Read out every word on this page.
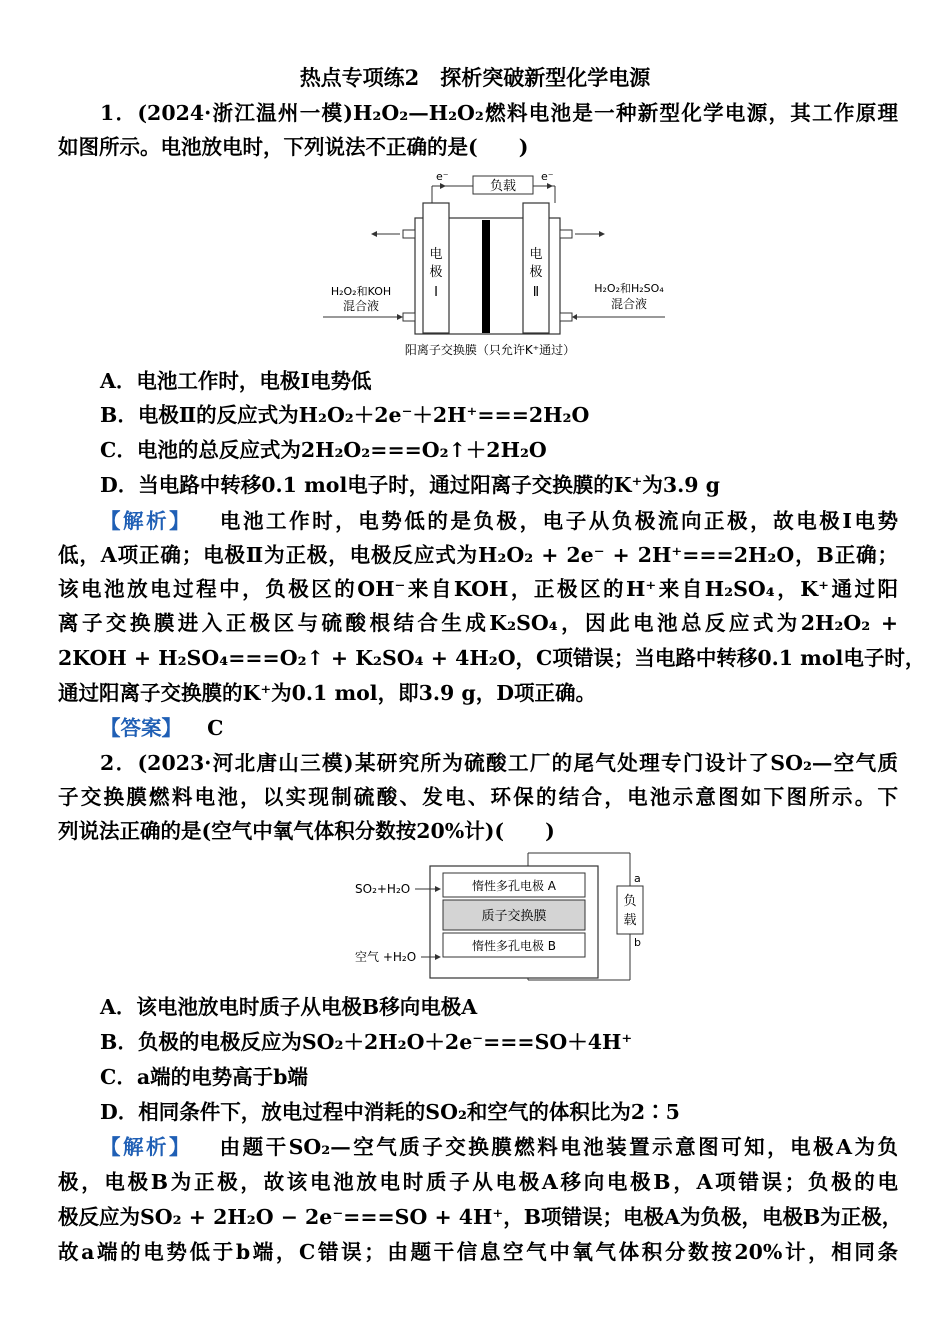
热点专项练2　探析突破新型化学电源
1．(2024·浙江温州一模)H₂O₂—H₂O₂燃料电池是一种新型化学电源，其工作原理
如图所示。电池放电时，下列说法不正确的是(　　)
e⁻	e⁻
负载
电
极
Ⅰ
电
极
Ⅱ
H₂O₂和KOH
混合液
H₂O₂和H₂SO₄
混合液
阳离子交换膜（只允许K⁺通过）
A．电池工作时，电极Ⅰ电势低
B．电极Ⅱ的反应式为H₂O₂＋2e⁻＋2H⁺===2H₂O
C．电池的总反应式为2H₂O₂===O₂↑＋2H₂O
D．当电路中转移0.1 mol电子时，通过阳离子交换膜的K⁺为3.9 g
【解析】 电池工作时，电势低的是负极，电子从负极流向正极，故电极Ⅰ电势
低，A项正确；电极Ⅱ为正极，电极反应式为H₂O₂ + 2e⁻ + 2H⁺===2H₂O，B正确；
该电池放电过程中，负极区的OH⁻来自KOH，正极区的H⁺来自H₂SO₄，K⁺通过阳
离子交换膜进入正极区与硫酸根结合生成K₂SO₄，因此电池总反应式为2H₂O₂ +
2KOH + H₂SO₄===O₂↑ + K₂SO₄ + 4H₂O，C项错误；当电路中转移0.1 mol电子时，
通过阳离子交换膜的K⁺为0.1 mol，即3.9 g，D项正确。
【答案】 C
2．(2023·河北唐山三模)某研究所为硫酸工厂的尾气处理专门设计了SO₂—空气质
子交换膜燃料电池，以实现制硫酸、发电、环保的结合，电池示意图如下图所示。下
列说法正确的是(空气中氧气体积分数按20%计)(　　)
惰性多孔电极 A
质子交换膜
惰性多孔电极 B
SO₂+H₂O
空气 +H₂O
负
载
a
b
A．该电池放电时质子从电极B移向电极A
B．负极的电极反应为SO₂＋2H₂O＋2e⁻===SO＋4H⁺
C．a端的电势高于b端
D．相同条件下，放电过程中消耗的SO₂和空气的体积比为2∶5
【解析】 由题干SO₂—空气质子交换膜燃料电池装置示意图可知，电极A为负
极，电极B为正极，故该电池放电时质子从电极A移向电极B，A项错误；负极的电
极反应为SO₂ + 2H₂O − 2e⁻===SO + 4H⁺，B项错误；电极A为负极，电极B为正极，
故a端的电势低于b端，C错误；由题干信息空气中氧气体积分数按20%计，相同条
